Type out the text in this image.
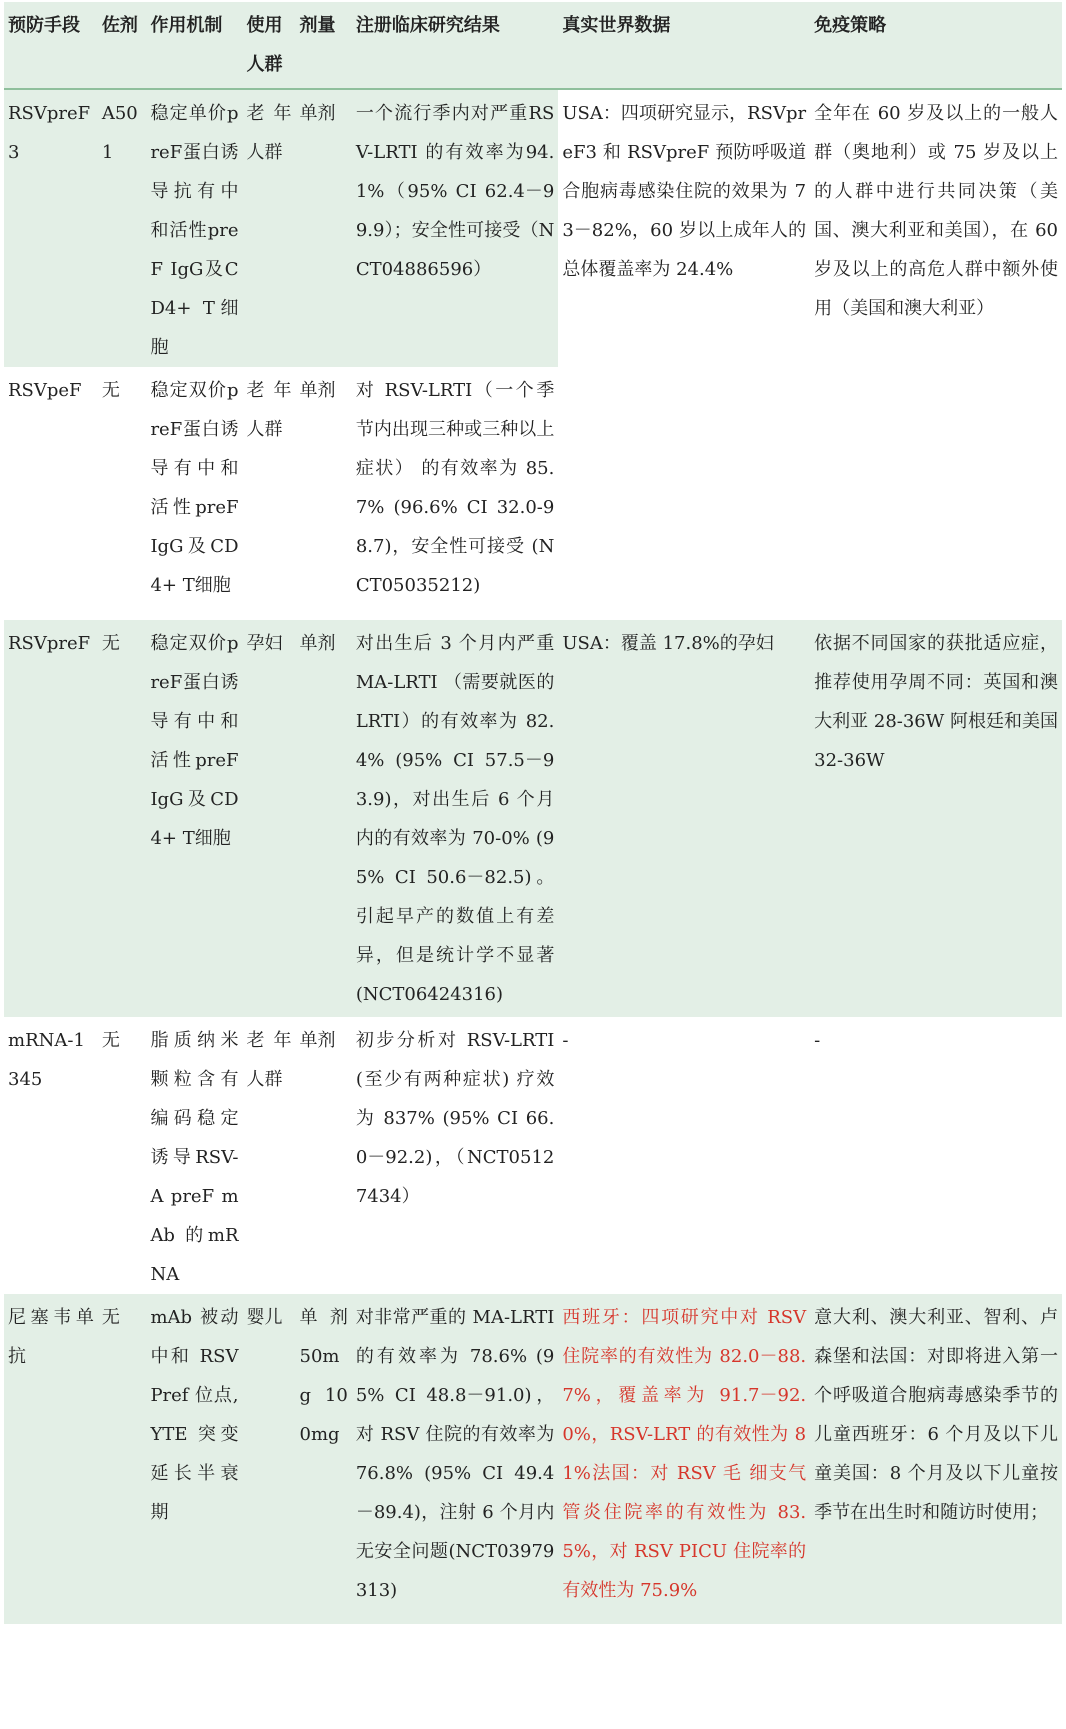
预防手段	佐剂	作用机制	使用人群	剂量	注册临床研究结果	真实世界数据	免疫策略
RSVpreF3	A501	稳定单价preF蛋白诱导抗有中和活性preF IgG及CD4+ T细胞	老年人群	单剂	一个流行季内对严重RSV-LRTI 的有效率为94.1%（95% CI 62.4－99.9）；安全性可接受（NCT04886596）	USA：四项研究显示，RSVpreF3 和 RSVpreF 预防呼吸道合胞病毒感染住院的效果为 73－82%，60 岁以上成年人的总体覆盖率为 24.4%	全年在 60 岁及以上的一般人群（奥地利）或 75 岁及以上的人群中进行共同决策（美国、澳大利亚和美国），在 60 岁及以上的高危人群中额外使用（美国和澳大利亚）
RSVpeF	无	稳定双价preF蛋白诱导有中和活性preF IgG及CD4+ T细胞	老年人群	单剂	对 RSV-LRTI（一个季节内出现三种或三种以上症状） 的有效率为 85.7% (96.6% CI 32.0-98.7)，安全性可接受 (NCT05035212)		
RSVpreF	无	稳定双价preF蛋白诱导有中和活性preF IgG及CD4+ T细胞	孕妇	单剂	对出生后 3 个月内严重 MA-LRTI （需要就医的LRTI）的有效率为 82.4% (95% CI 57.5－93.9)，对出生后 6 个月内的有效率为 70-0% (95% CI 50.6－82.5)。引起早产的数值上有差异，但是统计学不显著(NCT06424316)	USA：覆盖 17.8%的孕妇	依据不同国家的获批适应症，推荐使用孕周不同：英国和澳大利亚 28-36W 阿根廷和美国 32-36W
mRNA-1345	无	脂质纳米颗粒含有编码稳定诱导RSV-A preF mAb 的mRNA	老年人群	单剂	初步分析对 RSV-LRTI(至少有两种症状) 疗效为 837% (95% CI 66.0－92.2)，（NCT05127434）	-	-
尼塞韦单抗	无	mAb 被动中和 RSV Pref 位点,YTE 突变延长半衰期	婴儿	单剂 50mg 100mg	对非常严重的 MA-LRTI 的有效率为 78.6% (95% CI 48.8－91.0)，对 RSV 住院的有效率为 76.8% (95% CI 49.4－89.4)，注射 6 个月内无安全问题(NCT03979313)	西班牙：四项研究中对 RSV 住院率的有效性为 82.0－88.7%，覆盖率为 91.7－92.0%，RSV-LRT 的有效性为 81%法国：对 RSV 毛 细支气管炎住院率的有效性为 83.5%，对 RSV PICU 住院率的有效性为 75.9%	意大利、澳大利亚、智利、卢森堡和法国：对即将进入第一个呼吸道合胞病毒感染季节的儿童西班牙：6 个月及以下儿童美国：8 个月及以下儿童按季节在出生时和随访时使用；
